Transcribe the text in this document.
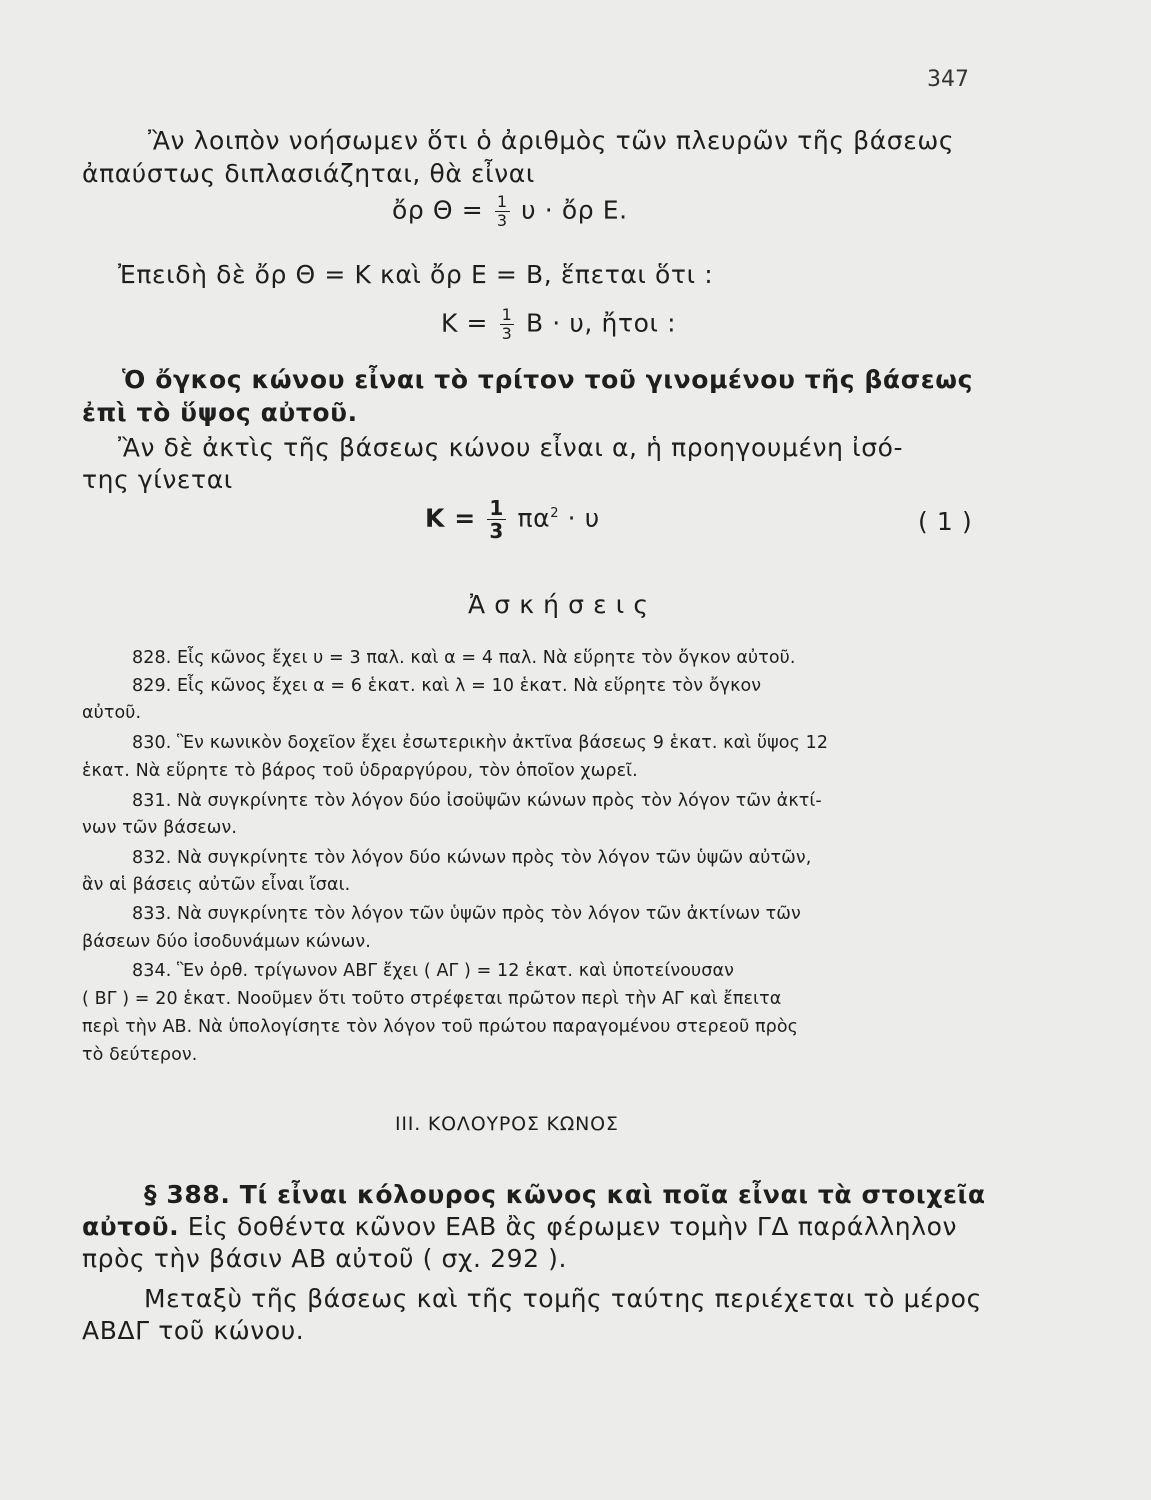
347
Ἂν λοιπὸν νοήσωμεν ὅτι ὁ ἀριθμὸς τῶν πλευρῶν τῆς βάσεως
ἀπαύστως διπλασιάζηται, θὰ εἶναι
ὄρ $\Theta = \frac{1}{3}$ υ · ὄρ Ε.
Ἐπειδὴ δὲ ὄρ Θ = Κ καὶ ὄρ Ε = Β, ἕπεται ὅτι :
$K = \frac{1}{3}$ Β · υ, ἤτοι :
Ὁ ὄγκος κώνου εἶναι τὸ τρίτον τοῦ γινομένου τῆς βάσεως
ἐπὶ τὸ ὕψος αὐτοῦ.
Ἂν δὲ ἀκτὶς τῆς βάσεως κώνου εἶναι α, ἡ προηγουμένη ἰσό-
της γίνεται
$K = \frac{1}{3} \pi\alpha^2 \cdot \upsilon$	( 1 )
Ἀ σ κ ή σ ε ι ς
828. Εἷς κῶνος ἔχει υ = 3 παλ. καὶ α = 4 παλ. Νὰ εὕρητε τὸν ὄγκον αὐτοῦ.
829. Εἷς κῶνος ἔχει α = 6 ἑκατ. καὶ λ = 10 ἑκατ. Νὰ εὕρητε τὸν ὄγκον
αὐτοῦ.
830. Ἓν κωνικὸν δοχεῖον ἔχει ἐσωτερικὴν ἀκτῖνα βάσεως 9 ἑκατ. καὶ ὕψος 12
ἑκατ. Νὰ εὕρητε τὸ βάρος τοῦ ὑδραργύρου, τὸν ὁποῖον χωρεῖ.
831. Νὰ συγκρίνητε τὸν λόγον δύο ἰσοϋψῶν κώνων πρὸς τὸν λόγον τῶν ἀκτί-
νων τῶν βάσεων.
832. Νὰ συγκρίνητε τὸν λόγον δύο κώνων πρὸς τὸν λόγον τῶν ὑψῶν αὐτῶν,
ἂν αἱ βάσεις αὐτῶν εἶναι ἴσαι.
833. Νὰ συγκρίνητε τὸν λόγον τῶν ὑψῶν πρὸς τὸν λόγον τῶν ἀκτίνων τῶν
βάσεων δύο ἰσοδυνάμων κώνων.
834. Ἓν ὀρθ. τρίγωνον ΑΒΓ ἔχει ( ΑΓ ) = 12 ἑκατ. καὶ ὑποτείνουσαν
( ΒΓ ) = 20 ἑκατ. Νοοῦμεν ὅτι τοῦτο στρέφεται πρῶτον περὶ τὴν ΑΓ καὶ ἔπειτα
περὶ τὴν ΑΒ. Νὰ ὑπολογίσητε τὸν λόγον τοῦ πρώτου παραγομένου στερεοῦ πρὸς
τὸ δεύτερον.
III. ΚΟΛΟΥΡΟΣ ΚΩΝΟΣ
§ 388. Τί εἶναι κόλουρος κῶνος καὶ ποῖα εἶναι τὰ στοιχεῖα
αὐτοῦ. Εἰς δοθέντα κῶνον ΕΑΒ ἂς φέρωμεν τομὴν ΓΔ παράλληλον
πρὸς τὴν βάσιν ΑΒ αὐτοῦ ( σχ. 292 ).
Μεταξὺ τῆς βάσεως καὶ τῆς τομῆς ταύτης περιέχεται τὸ μέρος
ΑΒΔΓ τοῦ κώνου.
